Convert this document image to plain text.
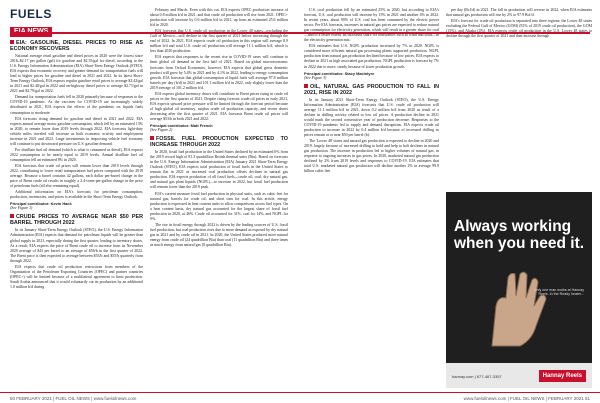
FUELS
EIA: GASOLINE, DIESEL PRICES TO RISE AS ECONOMY RECOVERS

National average retail gasoline and diesel prices in 2020 were the lowest since 2016–$2.17 per gallon (gal) for gasoline and $2.55/gal for diesel, according to the U.S. Energy Information Administration (EIA) Short-Term Energy Outlook (STEO). EIA expects that economic recovery and greater demand for transportation fuels will lead to higher prices for gasoline and diesel in 2021 and 2022. In its latest Short-Term Energy Outlook, EIA expects regular gasoline retail prices to average $2.42/gal in 2021 and $2.40/gal in 2022 and on-highway diesel prices to average $2.71/gal in 2021 and $2.79/gal in 2022.

Demand for transportation fuels fell in 2020 primarily because of responses to the COVID-19 pandemic. As the vaccines for COVID-19 are increasingly widely distributed in 2021, EIA expects the effects of the pandemic on liquids fuels consumption to moderate.

EIA forecasts rising demand for gasoline and diesel in 2021 and 2022. EIA expects annual average motor gasoline consumption, which fell by an estimated 13% in 2020, to remain lower than 2019 levels through 2022. EIA forecasts light-duty vehicle miles traveled will increase as both economic activity and employment increase in 2021 and 2022. Large investments in improving vehicle fuel economy will continue to put downward pressure on U.S. gasoline demand.

For distillate fuel oil demand (which is what is consumed as diesel), EIA expects 2022 consumption to be nearly equal to 2019 levels. Annual distillate fuel oil consumption fell an estimated 8% in 2020.

EIA forecasts that crude oil prices will remain lower than 2019 levels through 2022, contributing to lower retail transportation fuel prices compared with the 2019 average. Because a barrel contains 42 gallons, each dollar per-barrel change in the price of Brent crude oil results in roughly a 2.4-cents-per-gallon change in the price of petroleum fuels (all else remaining equal).

Additional information on EIA's forecasts for petroleum consumption, production, inventories, and prices is available in the Short-Term Energy Outlook.

Principal contributor: Kevin Hack
(See Figure 1)
CRUDE PRICES TO AVERAGE NEAR $50 PER BARREL THROUGH 2022

In its January Short-Term Energy Outlook (STEO), the U.S. Energy Information Administration (EIA) expects that demand for petroleum liquids will be greater than global supply in 2021, especially during the first quarter, leading to inventory draws. As a result, EIA expects the price of Brent crude oil to increase from its November 2020 average of $43 per barrel to an average of $56/b in the first quarter of 2022. The Brent price is then expected to average between $53/b and $55/b quarterly from through 2022.

EIA expects that crude oil production restrictions from members of the Organization of the Petroleum Exporting Countries (OPEC) and partner countries (OPEC+) will be limited because of a multilateral agreement to limit production. Saudi Arabia announced that it would voluntarily cut its production by an additional 1.0 million b/d during

February and March. Even with this cut, EIA expects OPEC production increase of about 0.8 million b/d in 2021, and that crude oil production will rise from 2021. OPEC+ production will increase by 0.6 million b/d in 2021, up from an estimated 25.6 million b/d in 2020.

EIA forecasts that U.S. crude oil production in the Lower 48 states—excluding the Gulf of Mexico—will decline in the first quarter of 2021 before increasing through the end of 2022. In 2021, EIA expects crude oil production in this region will average 8.9 million b/d and total U.S. crude oil production will average 11.1 million b/d, which is less than 2020 production.

EIA expects that responses to the recent rise in COVID-19 cases will continue to limit global oil demand in the first half of 2021. Based on global macroeconomic forecasts from Oxford Economics, however, EIA expects that global gross domestic product will grow by 5.4% in 2021 and by 4.1% in 2022, leading to energy consumption growth. EIA forecasts that global consumption of liquid fuels will average 97.8 million barrels per day (b/d) in 2021 and 101.1 million b/d in 2022, only slightly lower than the 2019 average of 101.2 million b/d.

EIA expects global inventory draws will contribute to Brent prices rising in crude oil prices in the first quarter of 2021. Despite rising forecast crude oil prices in early 2021, EIA expects upward price pressure will be limited through the forecast period because of high global oil inventory, surplus crude oil production capacity, and recent draws decreasing after the first quarter of 2021. EIA forecasts Brent crude oil prices will average $53/b in both 2021 and 2022.

Principal contributor: Matt French
(See Figure 2)
FOSSIL FUEL PRODUCTION EXPECTED TO INCREASE THROUGH 2022

In 2020, fossil fuel production in the United States declined by an estimated 6% from the 2019 record high of 81.5 quadrillion British thermal units (Btu). Based on forecasts in the U.S. Energy Information Administration (EIA) January 2021 Short-Term Energy Outlook (STEO), EIA expects total production of fossil fuels in the United States to remain flat in 2021 as increased coal production offsets declines in natural gas production. EIA expects production of all fossil fuels—crude oil, coal, dry natural gas, and natural gas plant liquids (NGPL)—to increase in 2022, but fossil fuel production will remain lower than the 2019 peak.

EIA's current measure fossil fuel production in physical units, such as cubic feet for natural gas, barrels for crude oil, and short tons for coal. In this article, energy production is expressed in heat content units to allow comparisons across fuel types. On a heat content basis, dry natural gas accounted for the largest share of fossil fuel production in 2020, at 46%. Crude oil accounted for 31%, coal for 14%, and NGPL for 9%.

The rise in fossil energy through 2022 is driven by the leading sources of U.S. fossil fuel production, but coal production rises due to more demand as exposed by dry natural gas in 2021 and by crude oil in 2021. In 2020, the United States produced more natural energy from crude oil (24 quadrillion Btu) than coal (11 quadrillion Btu) and three times as much energy from natural gas (8 quadrillion Btu).

U.S. coal production fell by an estimated 25% in 2020, but according to EIA's forecast, U.S. coal production will increase by 15% in 2021 and another 4% in 2022. In recent years, about 90% of U.S. coal has been consumed by the electric power sector. Per EIA forecasts, increases in natural gas prices are expected to reduce natural gas consumption for electricity generation, which will result in a greater share for coal—and to a lesser extent, an increased share for renewables such as wind and solar—in the electricity generation mix.

EIA estimates that U.S. NGPL production increased by 7% in 2020. NGPL is considered more efficient natural gas processing plants supported production. NGPL production from natural gas production declined because of low prices. EIA expects to decline in 2021 as high associated gas production. NGPL production is forecast by 7% in 2022 due to more, steady because of lower production growth.

Principal contributor: Stacy MacIntyre
(See Figure 3)
OIL, NATURAL GAS PRODUCTION TO FALL IN 2021, RISE IN 2022

In its January 2021 Short-Term Energy Outlook (STEO), the U.S. Energy Information Administration (EIA) forecasts that U.S. crude oil production will average 11.1 million b/d in 2021, down 0.2 million b/d from 2020 as result of a decline in drilling activity related to low oil prices. A production decline in 2021 would mark the second consecutive year of production decrease. Responses to the COVID-19 pandemic led to supply and demand disruptions. EIA expects crude oil production to increase in 2022 by 0.4 million b/d because of increased drilling as prices remain at or near $50 per barrel (b).

The 'Lower 48' states and natural gas production is expected to decline in 2020 and 2019, largely because of increased drilling to hold and help to halt declines in natural gas production. The increase in production led to higher volumes of natural gas, in response to ongoing increases in gas prices. In 2020, marketed natural gas production declined by 2% from 2019 levels and responses to COVID-19. EIA estimates that total U.S. marketed natural gas production will decline another 2% in average 99.9 billion cubic feet

per day (Bcf/d) in 2021. The fall in production will reverse in 2022, when EIA estimates that natural gas production will rise by 2% to 97.9 Bcf/d.

EIA's forecast for crude oil production is separated into three regions: the Lower 48 states excluding the Federal Gulf of Mexico (GOM) (81% of 2019 crude oil production), the GOM (15%), and Alaska (4%). EIA expects crude oil production in the U.S. Lower 48 states to decline through the first quarter of 2021 and then increase through

Always working when you need it.
Only one man works at Hannay Reels. In the Ready heater...
hannay.com | 877-467-3357	Hannay Reels
50 FEBRUARY 2021 | FUEL OIL NEWS | www.fueloilnews.com	www.fueloilnews.com | FUEL OIL NEWS | FEBRUARY 2021 51
